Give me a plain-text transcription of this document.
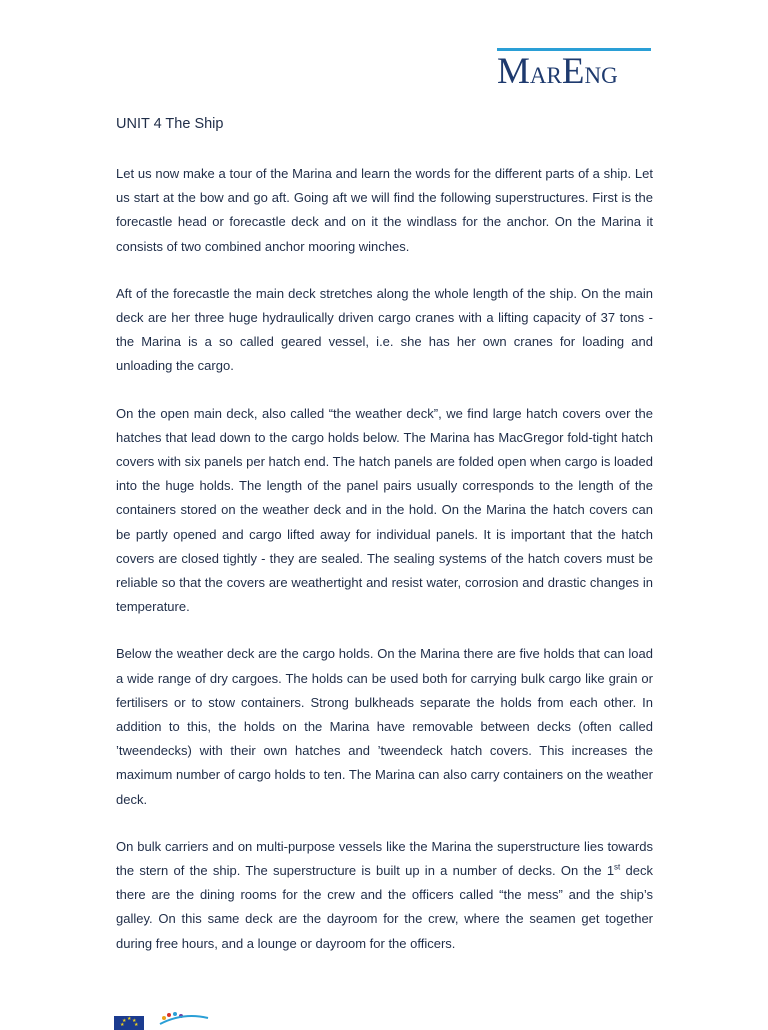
MARENG
UNIT 4 The Ship

Let us now make a tour of the Marina and learn the words for the different parts of a ship. Let us start at the bow and go aft. Going aft we will find the following superstructures. First is the forecastle head or forecastle deck and on it the windlass for the anchor. On the Marina it consists of two combined anchor mooring winches.

Aft of the forecastle the main deck stretches along the whole length of the ship. On the main deck are her three huge hydraulically driven cargo cranes with a lifting capacity of 37 tons - the Marina is a so called geared vessel, i.e. she has her own cranes for loading and unloading the cargo.

On the open main deck, also called “the weather deck”, we find large hatch covers over the hatches that lead down to the cargo holds below. The Marina has MacGregor fold-tight hatch covers with six panels per hatch end. The hatch panels are folded open when cargo is loaded into the huge holds. The length of the panel pairs usually corresponds to the length of the containers stored on the weather deck and in the hold. On the Marina the hatch covers can be partly opened and cargo lifted away for individual panels. It is important that the hatch covers are closed tightly - they are sealed. The sealing systems of the hatch covers must be reliable so that the covers are weathertight and resist water, corrosion and drastic changes in temperature.

Below the weather deck are the cargo holds. On the Marina there are five holds that can load a wide range of dry cargoes. The holds can be used both for carrying bulk cargo like grain or fertilisers or to stow containers. Strong bulkheads separate the holds from each other. In addition to this, the holds on the Marina have removable between decks (often called ’tweendecks) with their own hatches and ’tweendeck hatch covers. This increases the maximum number of cargo holds to ten. The Marina can also carry containers on the weather deck.

On bulk carriers and on multi-purpose vessels like the Marina the superstructure lies towards the stern of the ship. The superstructure is built up in a number of decks. On the 1st deck there are the dining rooms for the crew and the officers called “the mess” and the ship’s galley. On this same deck are the dayroom for the crew, where the seamen get together during free hours, and a lounge or dayroom for the officers.

★
★ ★
★ ★
